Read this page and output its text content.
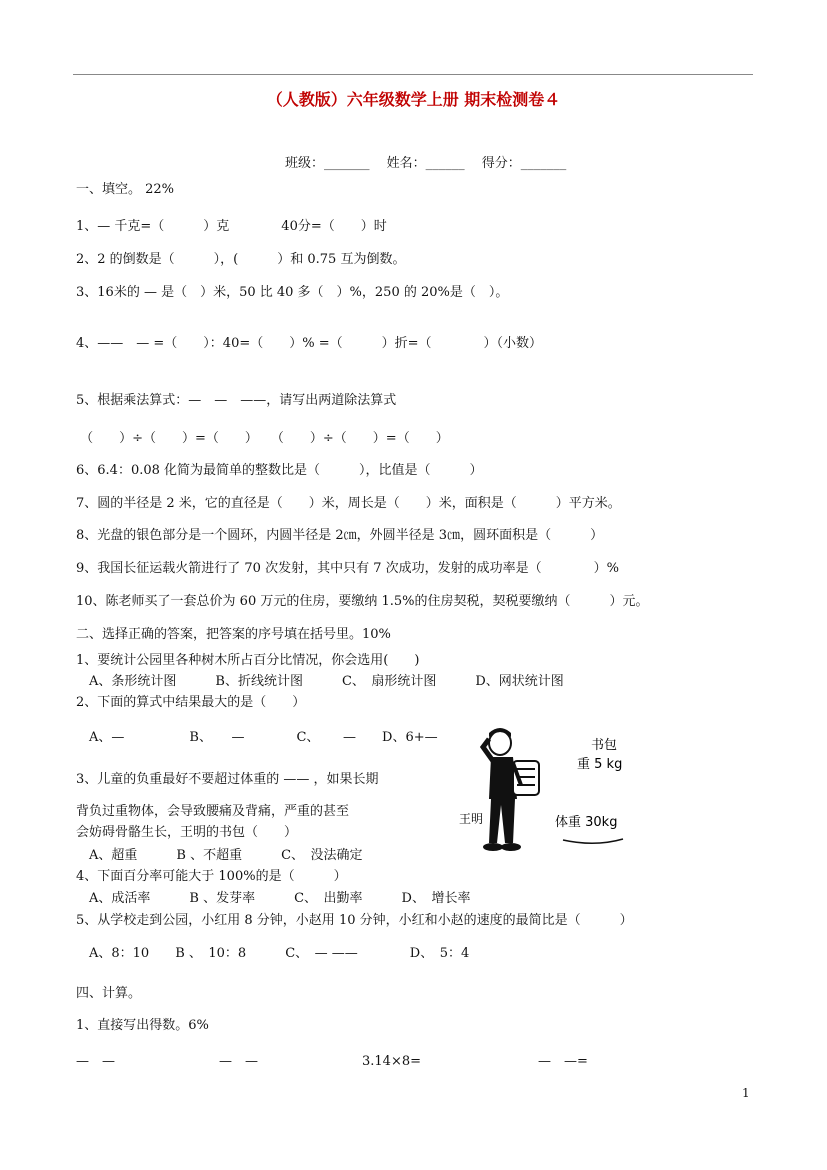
（人教版）六年级数学上册 期末检测卷４
班级：_______　 姓名：______　 得分：_______
一、填空。 22%
1、— 千克=（　　　）克　　　　40分=（　　）时
2、2 的倒数是（　　　），(　　　）和 0.75 互为倒数。
3、16米的 — 是（　）米，50 比 40 多（　）%，250 的 20%是（　）。
4、——　— =（　　）：40=（　　）% =（　　　）折=（　　　　）（小数）
5、根据乘法算式：—　—　——，请写出两道除法算式
（　　）÷（　　）=（　　）　　（　　）÷（　　）=（　　）
6、6.4：0.08 化简为最简单的整数比是（　　　），比值是（　　　）
7、圆的半径是 2 米，它的直径是（　　）米，周长是（　　）米，面积是（　　　）平方米。
8、光盘的银色部分是一个圆环，内圆半径是 2㎝，外圆半径是 3㎝，圆环面积是（　　　）
9、我国长征运载火箭进行了 70 次发射，其中只有 7 次成功，发射的成功率是（　　　　）%
10、陈老师买了一套总价为 60 万元的住房，要缴纳 1.5%的住房契税，契税要缴纳（　　　）元。
二、选择正确的答案，把答案的序号填在括号里。10%
1、要统计公园里各种树木所占百分比情况，你会选用(　　)
　A、条形统计图　　　B、折线统计图　　　C、　扇形统计图　　　D、网状统计图
2、下面的算式中结果最大的是（　　）
　A、—　　　　　B、　　—　　　　C、　　 —　　D、6+—
3、儿童的负重最好不要超过体重的 —— ，如果长期
背负过重物体，会导致腰痛及背痛，严重的甚至
会妨碍骨骼生长，王明的书包（　　）
　A、超重　　　B 、不超重　　　C、　没法确定
4、下面百分率可能大于 100%的是（　　　）
　A、成活率　　　B 、发芽率　　　C、　出勤率　　　D、　增长率
5、从学校走到公园，小红用 8 分钟，小赵用 10 分钟，小红和小赵的速度的最简比是（　　　）
　A、8：10　　B 、　10：8　　　C、　— ——　　　　D、　5：4
书包
重 5 kg
王明	体重 30kg
四、计算。
1、直接写出得数。6%
—　—　　　　　　　　—　—　　　　　　　　3.14×8=　　　　　　　　　—　—=
1
